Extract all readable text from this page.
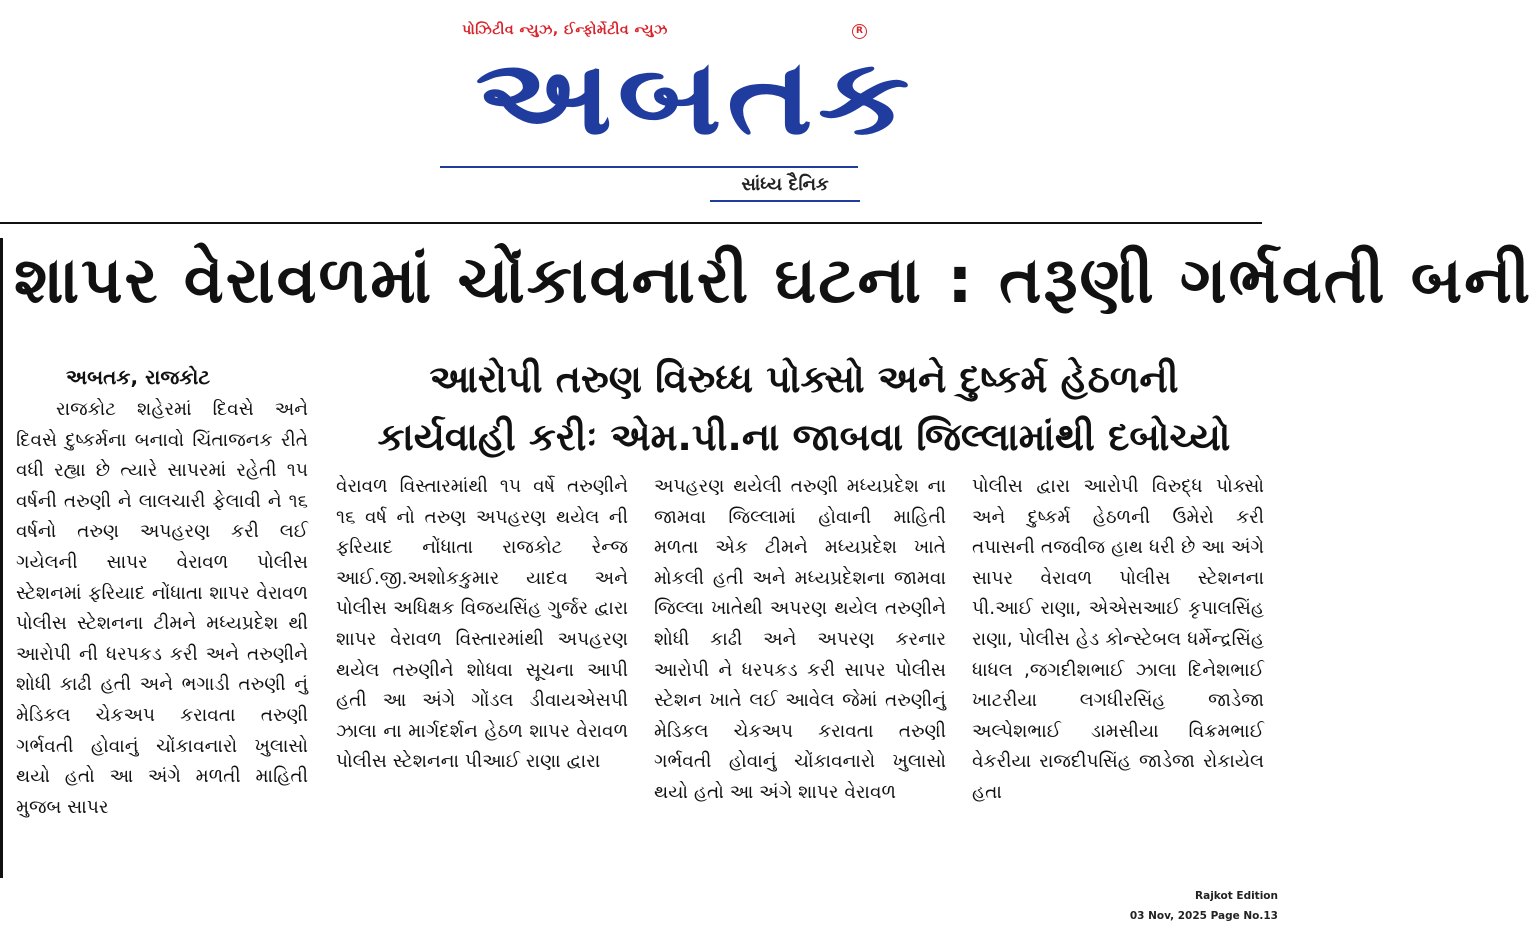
પોઝિટીવ ન્યુઝ, ઈન્ફોર્મેટીવ ન્યુઝ	R
અબતક
સાંધ્ય દૈનિક
શાપર વેરાવળમાં ચોંકાવનારી ઘટના : તરૂણી ગર્ભવતી બની
આરોપી તરુણ વિરુધ્ધ પોક્સો અને દુષ્કર્મ હેઠળની
કાર્યવાહી કરીઃ એમ.પી.ના જાબવા જિલ્લામાંથી દબોચ્યો
અબતક, રાજકોટ

રાજકોટ શહેરમાં દિવસે અને દિવસે દુષ્કર્મના બનાવો ચિંતાજનક રીતે વધી રહ્યા છે ત્યારે સાપરમાં રહેતી ૧૫ વર્ષની તરુણી ને લાલચારી ફેલાવી ને ૧૬ વર્ષનો તરુણ અપહરણ કરી લઈ ગયેલની સાપર વેરાવળ પોલીસ સ્ટેશનમાં ફરિયાદ નોંધાતા શાપર વેરાવળ પોલીસ સ્ટેશનના ટીમને મધ્યપ્રદેશ થી આરોપી ની ધરપકડ કરી અને તરુણીને શોધી કાઢી હતી અને ભગાડી તરુણી નું મેડિકલ ચેકઅપ કરાવતા તરુણી ગર્ભવતી હોવાનું ચોંકાવનારો ખુલાસો થયો હતો આ અંગે મળતી માહિતી મુજબ સાપર

વેરાવળ વિસ્તારમાંથી ૧૫ વર્ષે તરુણીને ૧૬ વર્ષ નો તરુણ અપહરણ થયેલ ની ફરિયાદ નોંધાતા રાજકોટ રેન્જ આઈ.જી.અશોકકુમાર યાદવ અને પોલીસ અધિક્ષક વિજયસિંહ ગુર્જર દ્વારા શાપર વેરાવળ વિસ્તારમાંથી અપહરણ થયેલ તરુણીને શોધવા સૂચના આપી હતી આ અંગે ગોંડલ ડીવાયએસપી ઝાલા ના માર્ગદર્શન હેઠળ શાપર વેરાવળ પોલીસ સ્ટેશનના પીઆઈ રાણા દ્વારા

અપહરણ થયેલી તરુણી મધ્યપ્રદેશ ના જામવા જિલ્લામાં હોવાની માહિતી મળતા એક ટીમને મધ્યપ્રદેશ ખાતે મોકલી હતી અને મધ્યપ્રદેશના જામવા જિલ્લા ખાતેથી અપરણ થયેલ તરુણીને શોધી કાઢી અને અપરણ કરનાર આરોપી ને ધરપકડ કરી સાપર પોલીસ સ્ટેશન ખાતે લઈ આવેલ જેમાં તરુણીનું મેડિકલ ચેકઅપ કરાવતા તરુણી ગર્ભવતી હોવાનું ચોંકાવનારો ખુલાસો થયો હતો આ અંગે શાપર વેરાવળ

પોલીસ દ્વારા આરોપી વિરુદ્ધ પોક્સો અને દુષ્કર્મ હેઠળની ઉમેરો કરી તપાસની તજવીજ હાથ ધરી છે આ અંગે સાપર વેરાવળ પોલીસ સ્ટેશનના પી.આઈ રાણા, એએસઆઈ કૃપાલસિંહ રાણા, પોલીસ હેડ કોન્સ્ટેબલ ધર્મેન્દ્રસિંહ ધાધલ ,જગદીશભાઈ ઝાલા દિનેશભાઈ ખાટરીયા લગધીરસિંહ જાડેજા અલ્પેશભાઈ ડામસીયા વિક્રમભાઈ વેકરીયા રાજદીપસિંહ જાડેજા રોકાયેલ હતા

Rajkot Edition
03 Nov, 2025 Page No.13
